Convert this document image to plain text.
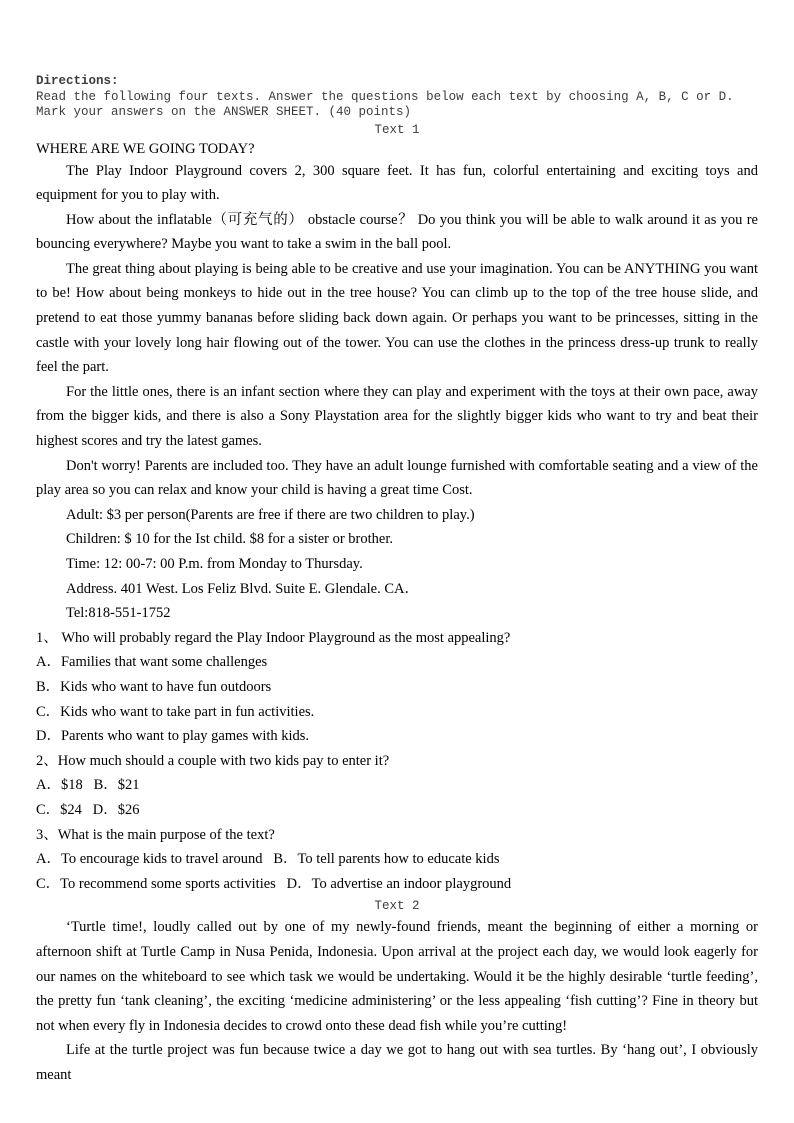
Directions:
Read the following four texts. Answer the questions below each text by choosing A, B, C or D. Mark your answers on the ANSWER SHEET. (40 points)
Text 1
WHERE ARE WE GOING TODAY?

The Play Indoor Playground covers 2, 300 square feet. It has fun, colorful entertaining and exciting toys and equipment for you to play with.

How about the inflatable（可充气的） obstacle course？ Do you think you will be able to walk around it as you re bouncing everywhere? Maybe you want to take a swim in the ball pool.

The great thing about playing is being able to be creative and use your imagination. You can be ANYTHING you want to be! How about being monkeys to hide out in the tree house? You can climb up to the top of the tree house slide, and pretend to eat those yummy bananas before sliding back down again. Or perhaps you want to be princesses, sitting in the castle with your lovely long hair flowing out of the tower. You can use the clothes in the princess dress-up trunk to really feel the part.

For the little ones, there is an infant section where they can play and experiment with the toys at their own pace, away from the bigger kids, and there is also a Sony Playstation area for the slightly bigger kids who want to try and beat their highest scores and try the latest games.

Don't worry! Parents are included too. They have an adult lounge furnished with comfortable seating and a view of the play area so you can relax and know your child is having a great time Cost.

Adult: $3 per person(Parents are free if there are two children to play.)
Children: $ 10 for the Ist child. $8 for a sister or brother.
Time: 12: 00-7: 00 P.m. from Monday to Thursday.
Address. 401 West. Los Feliz Blvd. Suite E. Glendale. CA．
Tel:818-551-1752
1、 Who will probably regard the Play Indoor Playground as the most appealing?
A．Families that want some challenges
B．Kids who want to have fun outdoors
C．Kids who want to take part in fun activities.
D．Parents who want to play games with kids.
2、How much should a couple with two kids pay to enter it?
A．$18   B．$21
C．$24   D．$26
3、What is the main purpose of the text?
A．To encourage kids to travel around   B．To tell parents how to educate kids
C．To recommend some sports activities   D．To advertise an indoor playground
Text 2

‘Turtle time!, loudly called out by one of my newly-found friends, meant the beginning of either a morning or afternoon shift at Turtle Camp in Nusa Penida, Indonesia. Upon arrival at the project each day, we would look eagerly for our names on the whiteboard to see which task we would be undertaking. Would it be the highly desirable ‘turtle feeding’, the pretty fun ‘tank cleaning’, the exciting ‘medicine administering’ or the less appealing ‘fish cutting’? Fine in theory but not when every fly in Indonesia decides to crowd onto these dead fish while you’re cutting!

Life at the turtle project was fun because twice a day we got to hang out with sea turtles. By ‘hang out’, I obviously meant
